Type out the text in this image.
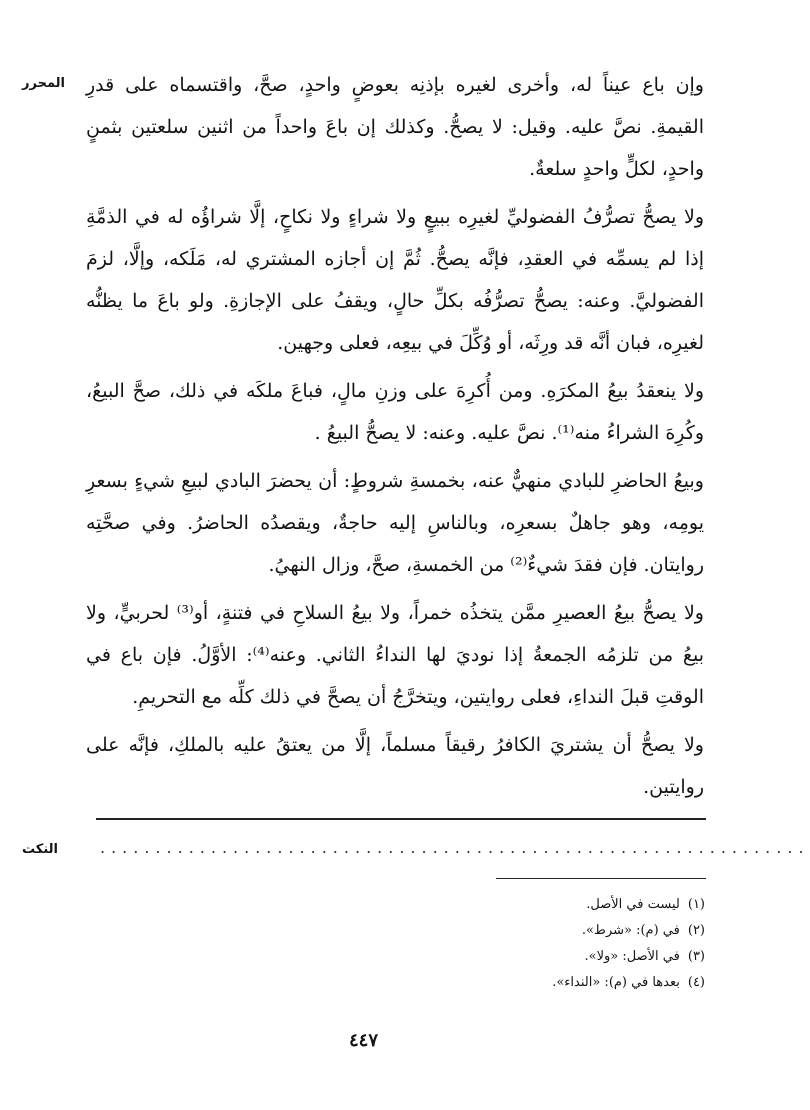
المحرر وإن باع عيناً له، وأخرى لغيره بإذنِه بعوضٍ واحدٍ، صحَّ، واقتسماه على قدرِ القيمةِ. نصَّ عليه. وقيل: لا يصحُّ. وكذلك إن باعَ واحداً من اثنين سلعتين بثمنٍ واحدٍ، لكلٍّ واحدٍ سلعةٌ.

ولا يصحُّ تصرُّفُ الفضوليِّ لغيرِه ببيعٍ ولا شراءٍ ولا نكاحٍ، إلَّا شراؤُه له في الذمَّةِ إذا لم يسمِّه في العقدِ، فإنَّه يصحُّ. ثُمَّ إن أجازه المشتري له، مَلَكه، وإلَّا، لزمَ الفضوليَّ. وعنه: يصحُّ تصرُّفُه بكلِّ حالٍ، ويقفُ على الإجازةِ. ولو باعَ ما يظنُّه لغيرِه، فبان أنَّه قد ورِثَه، أو وُكِّلَ في بيعِه، فعلى وجهين.

ولا ينعقدُ بيعُ المكرَهِ. ومن أُكرِهَ على وزنِ مالٍ، فباعَ ملكَه في ذلك، صحَّ البيعُ، وكُرِهَ الشراءُ منه⁽¹⁾. نصَّ عليه. وعنه: لا يصحُّ البيعُ .

وبيعُ الحاضرِ للبادي منهيٌّ عنه، بخمسةِ شروطٍ: أن يحضرَ البادي لبيعِ شيءٍ بسعرِ يومِه، وهو جاهلٌ بسعرِه، وبالناسِ إليه حاجةٌ، ويقصدُه الحاضرُ. وفي صحَّتِه روايتان. فإن فقدَ شيءٌ⁽²⁾ من الخمسةِ، صحَّ، وزال النهيُ.

ولا يصحُّ بيعُ العصيرِ ممَّن يتخذُه خمراً، ولا بيعُ السلاحِ في فتنةٍ، أو⁽³⁾ لحربيٍّ، ولا بيعُ من تلزمُه الجمعةُ إذا نوديَ لها النداءُ الثاني. وعنه⁽⁴⁾: الأوَّلُ. فإن باع في الوقتِ قبلَ النداءِ، فعلى روايتين، ويتخرَّجُ أن يصحَّ في ذلك كلِّه مع التحريمِ.

ولا يصحُّ أن يشتريَ الكافرُ رقيقاً مسلماً، إلَّا من يعتقُ عليه بالملكِ، فإنَّه على روايتين.

النكت	................................................................
(١)
ليست في الأصل.
(٢)
في (م): «شرط».
(٣)
في الأصل: «ولا».
(٤)
بعدها في (م): «النداء».
٤٤٧
